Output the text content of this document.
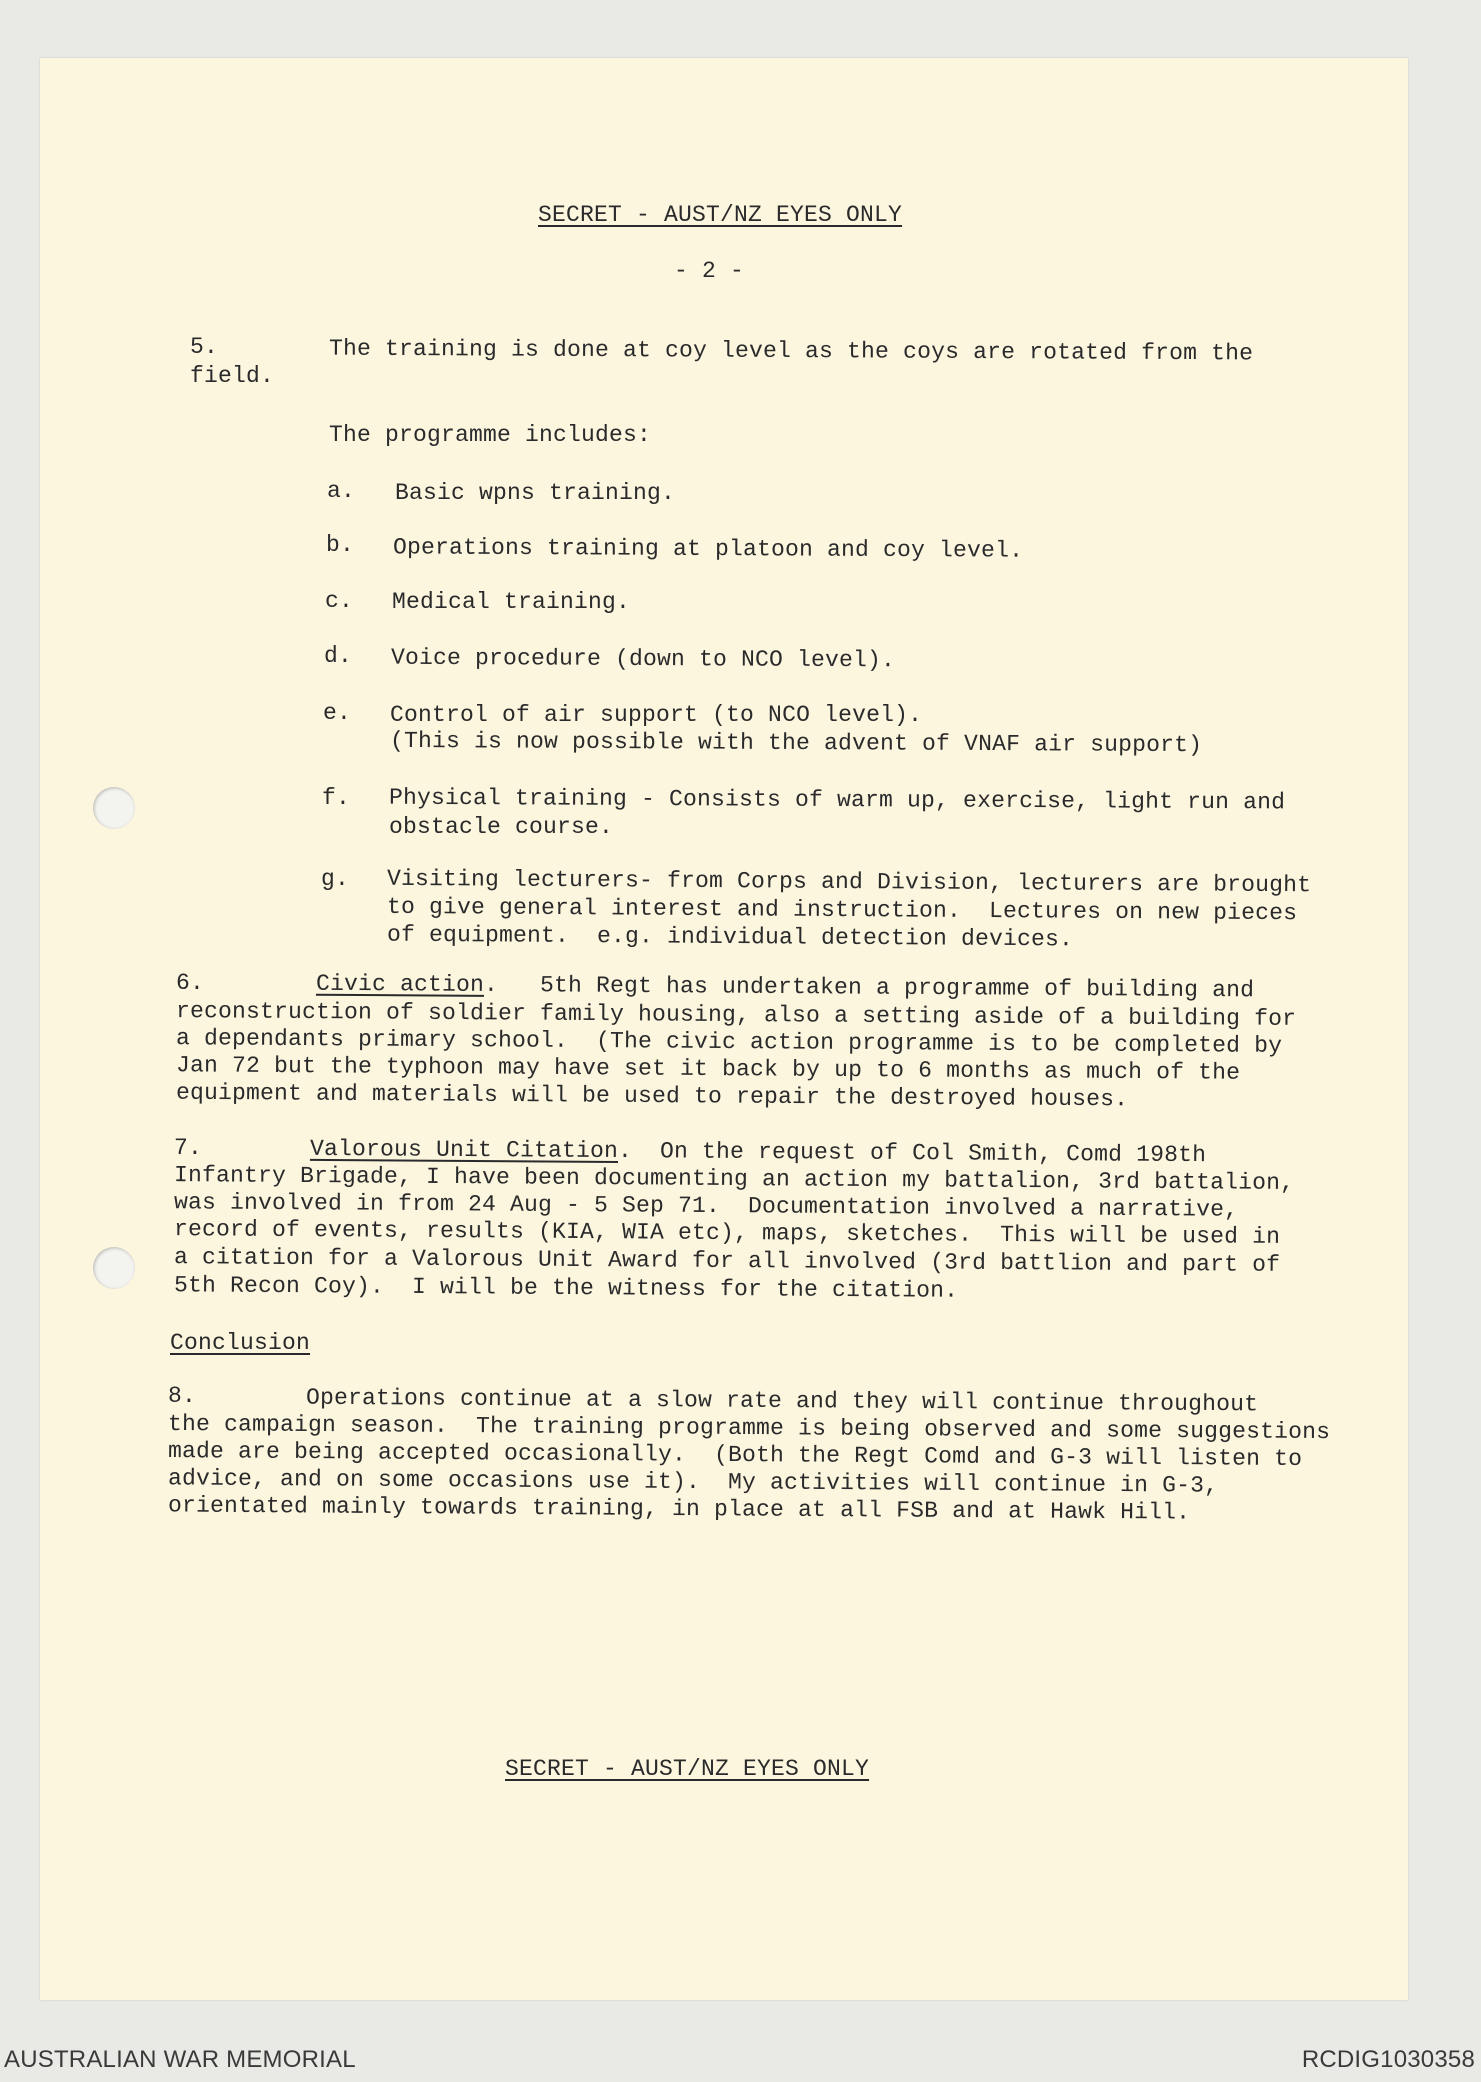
SECRET - AUST/NZ EYES ONLY
- 2 -
5.	The training is done at coy level as the coys are rotated from the
field.
The programme includes:
a. Basic wpns training.
b. Operations training at platoon and coy level.
c. Medical training.
d. Voice procedure (down to NCO level).
e. Control of air support (to NCO level).
(This is now possible with the advent of VNAF air support)
f. Physical training - Consists of warm up, exercise, light run and
obstacle course.
g. Visiting lecturers- from Corps and Division, lecturers are brought
to give general interest and instruction.  Lectures on new pieces
of equipment.  e.g. individual detection devices.
6.	Civic action.   5th Regt has undertaken a programme of building and
reconstruction of soldier family housing, also a setting aside of a building for
a dependants primary school.  (The civic action programme is to be completed by
Jan 72 but the typhoon may have set it back by up to 6 months as much of the
equipment and materials will be used to repair the destroyed houses.
7.	Valorous Unit Citation.  On the request of Col Smith, Comd 198th
Infantry Brigade, I have been documenting an action my battalion, 3rd battalion,
was involved in from 24 Aug - 5 Sep 71.  Documentation involved a narrative,
record of events, results (KIA, WIA etc), maps, sketches.  This will be used in
a citation for a Valorous Unit Award for all involved (3rd battlion and part of
5th Recon Coy).  I will be the witness for the citation.
Conclusion
8.	Operations continue at a slow rate and they will continue throughout
the campaign season.  The training programme is being observed and some suggestions
made are being accepted occasionally.  (Both the Regt Comd and G-3 will listen to
advice, and on some occasions use it).  My activities will continue in G-3,
orientated mainly towards training, in place at all FSB and at Hawk Hill.
SECRET - AUST/NZ EYES ONLY
AUSTRALIAN WAR MEMORIAL	RCDIG1030358
